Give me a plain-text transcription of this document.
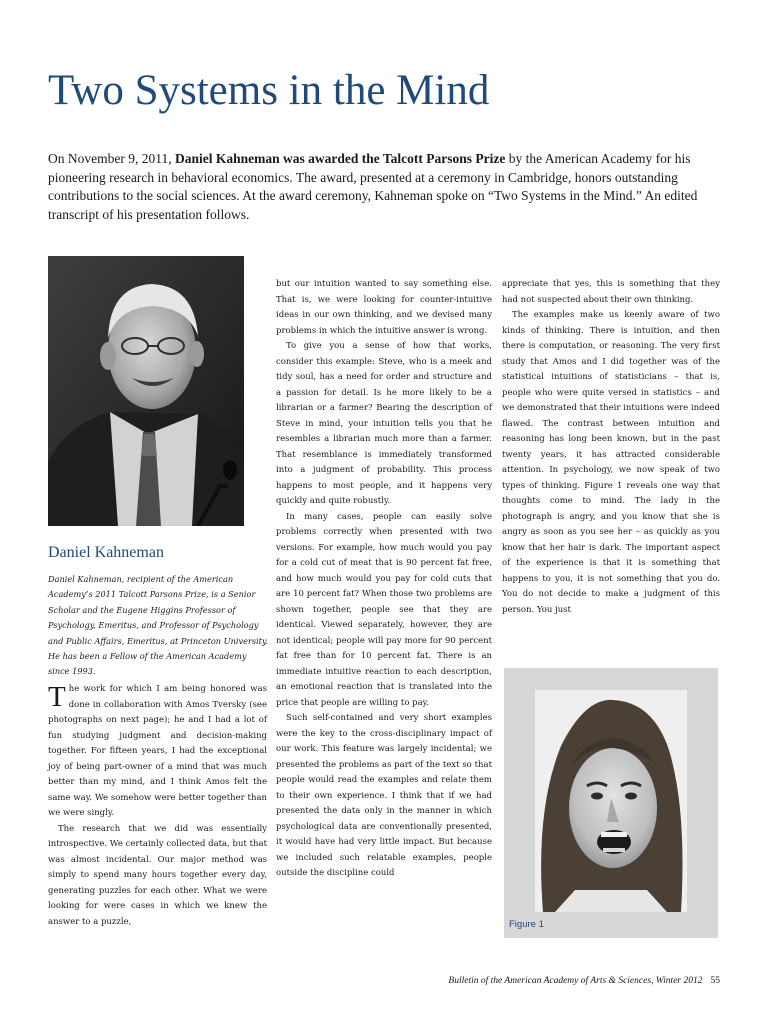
Two Systems in the Mind

On November 9, 2011, Daniel Kahneman was awarded the Talcott Parsons Prize by the American Academy for his pioneering research in behavioral economics. The award, presented at a ceremony in Cambridge, honors outstanding contributions to the social sciences. At the award ceremony, Kahneman spoke on “Two Systems in the Mind.” An edited transcript of his presentation follows.

Daniel Kahneman

Daniel Kahneman, recipient of the American Academy’s 2011 Talcott Parsons Prize, is a Senior Scholar and the Eugene Higgins Professor of Psychology, Emeritus, and Professor of Psychology and Public Affairs, Emeritus, at Princeton University. He has been a Fellow of the American Academy since 1993.

The work for which I am being honored was done in collaboration with Amos Tversky (see photographs on next page); he and I had a lot of fun studying judgment and decision-making together. For fifteen years, I had the exceptional joy of being part-owner of a mind that was much better than my mind, and I think Amos felt the same way. We somehow were better together than we were singly.

The research that we did was essentially introspective. We certainly collected data, but that was almost incidental. Our major method was simply to spend many hours together every day, generating puzzles for each other. What we were looking for were cases in which we knew the answer to a puzzle,

but our intuition wanted to say something else. That is, we were looking for counter-intuitive ideas in our own thinking, and we devised many problems in which the intuitive answer is wrong.

To give you a sense of how that works, consider this example: Steve, who is a meek and tidy soul, has a need for order and structure and a passion for detail. Is he more likely to be a librarian or a farmer? Bearing the description of Steve in mind, your intuition tells you that he resembles a librarian much more than a farmer. That resemblance is immediately transformed into a judgment of probability. This process happens to most people, and it happens very quickly and quite robustly.

In many cases, people can easily solve problems correctly when presented with two versions. For example, how much would you pay for a cold cut of meat that is 90 percent fat free, and how much would you pay for cold cuts that are 10 percent fat? When those two problems are shown together, people see that they are identical. Viewed separately, however, they are not identical; people will pay more for 90 percent fat free than for 10 percent fat. There is an immediate intuitive reaction to each description, an emotional reaction that is translated into the price that people are willing to pay.

Such self-contained and very short examples were the key to the cross-disciplinary impact of our work. This feature was largely incidental; we presented the problems as part of the text so that people would read the examples and relate them to their own experience. I think that if we had presented the data only in the manner in which psychological data are conventionally presented, it would have had very little impact. But because we included such relatable examples, people outside the discipline could

appreciate that yes, this is something that they had not suspected about their own thinking.

The examples make us keenly aware of two kinds of thinking. There is intuition, and then there is computation, or reasoning. The very first study that Amos and I did together was of the statistical intuitions of statisticians – that is, people who were quite versed in statistics – and we demonstrated that their intuitions were indeed flawed. The contrast between intuition and reasoning has long been known, but in the past twenty years, it has attracted considerable attention. In psychology, we now speak of two types of thinking. Figure 1 reveals one way that thoughts come to mind. The lady in the photograph is angry, and you know that she is angry as soon as you see her – as quickly as you know that her hair is dark. The important aspect of the experience is that it is something that happens to you, it is not something that you do. You do not decide to make a judgment of this person. You just

Figure 1

Bulletin of the American Academy of Arts & Sciences, Winter 2012 55
